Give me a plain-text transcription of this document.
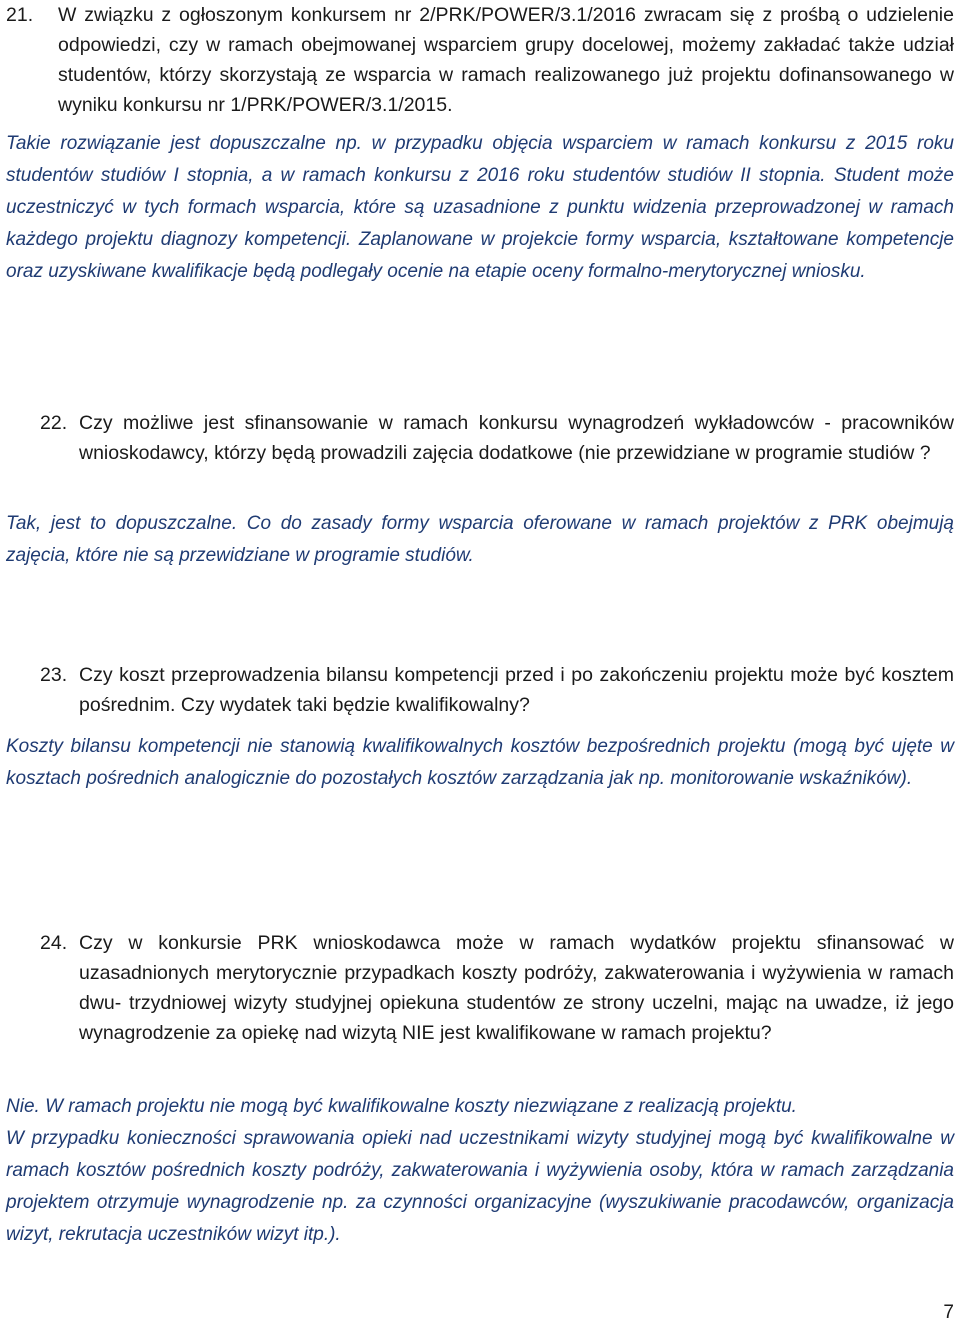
21. W związku z ogłoszonym konkursem nr 2/PRK/POWER/3.1/2016 zwracam się z prośbą o udzielenie odpowiedzi, czy w ramach obejmowanej wsparciem grupy docelowej, możemy zakładać także udział studentów, którzy skorzystają ze wsparcia w ramach realizowanego już projektu dofinansowanego w wyniku konkursu nr 1/PRK/POWER/3.1/2015.

Takie rozwiązanie jest dopuszczalne np. w przypadku objęcia wsparciem w ramach konkursu z 2015 roku studentów studiów I stopnia, a w ramach konkursu z 2016 roku studentów studiów II stopnia. Student może uczestniczyć w tych formach wsparcia, które są uzasadnione z punktu widzenia przeprowadzonej w ramach każdego projektu diagnozy kompetencji. Zaplanowane w projekcie formy wsparcia, kształtowane kompetencje oraz uzyskiwane kwalifikacje będą podlegały ocenie na etapie oceny formalno-merytorycznej wniosku.

22. Czy możliwe jest sfinansowanie w ramach konkursu wynagrodzeń wykładowców - pracowników wnioskodawcy, którzy będą prowadzili zajęcia dodatkowe (nie przewidziane w programie studiów ?

Tak, jest to dopuszczalne. Co do zasady formy wsparcia oferowane w ramach projektów z PRK obejmują zajęcia, które nie są przewidziane w programie studiów.

23. Czy koszt przeprowadzenia bilansu kompetencji przed i po zakończeniu projektu może być kosztem pośrednim. Czy wydatek taki będzie kwalifikowalny?

Koszty bilansu kompetencji nie stanowią kwalifikowalnych kosztów bezpośrednich projektu (mogą być ujęte w kosztach pośrednich analogicznie do pozostałych kosztów zarządzania jak np. monitorowanie wskaźników).

24. Czy w konkursie PRK wnioskodawca może w ramach wydatków projektu sfinansować w uzasadnionych merytorycznie przypadkach koszty podróży, zakwaterowania i wyżywienia w ramach dwu- trzydniowej wizyty studyjnej opiekuna studentów ze strony uczelni, mając na uwadze, iż jego wynagrodzenie za opiekę nad wizytą NIE jest kwalifikowane w ramach projektu?

Nie. W ramach projektu nie mogą być kwalifikowalne koszty niezwiązane z realizacją projektu.

W przypadku konieczności sprawowania opieki nad uczestnikami wizyty studyjnej mogą być kwalifikowalne w ramach kosztów pośrednich koszty podróży, zakwaterowania i wyżywienia osoby, która w ramach zarządzania projektem otrzymuje wynagrodzenie np. za czynności organizacyjne (wyszukiwanie pracodawców, organizacja wizyt, rekrutacja uczestników wizyt itp.).

7
